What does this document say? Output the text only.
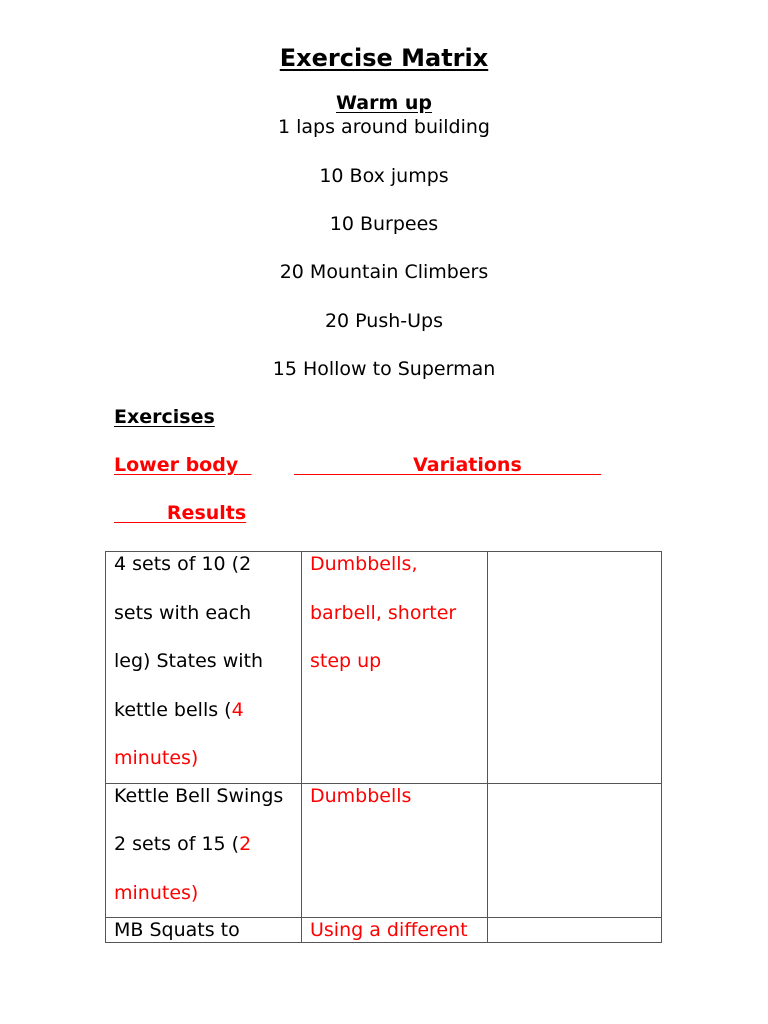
Exercise Matrix
Warm up
1 laps around building
10 Box jumps
10 Burpees
20 Mountain Climbers
20 Push-Ups
15 Hollow to Superman
Exercises
Lower body	Variations
Results
4 sets of 10 (2 sets with each leg) States with kettle bells (4 minutes)	Dumbbells, barbell, shorter step up	

Kettle Bell Swings 2 sets of 15 (2 minutes)	Dumbbells	

MB Squats to	Using a different	
